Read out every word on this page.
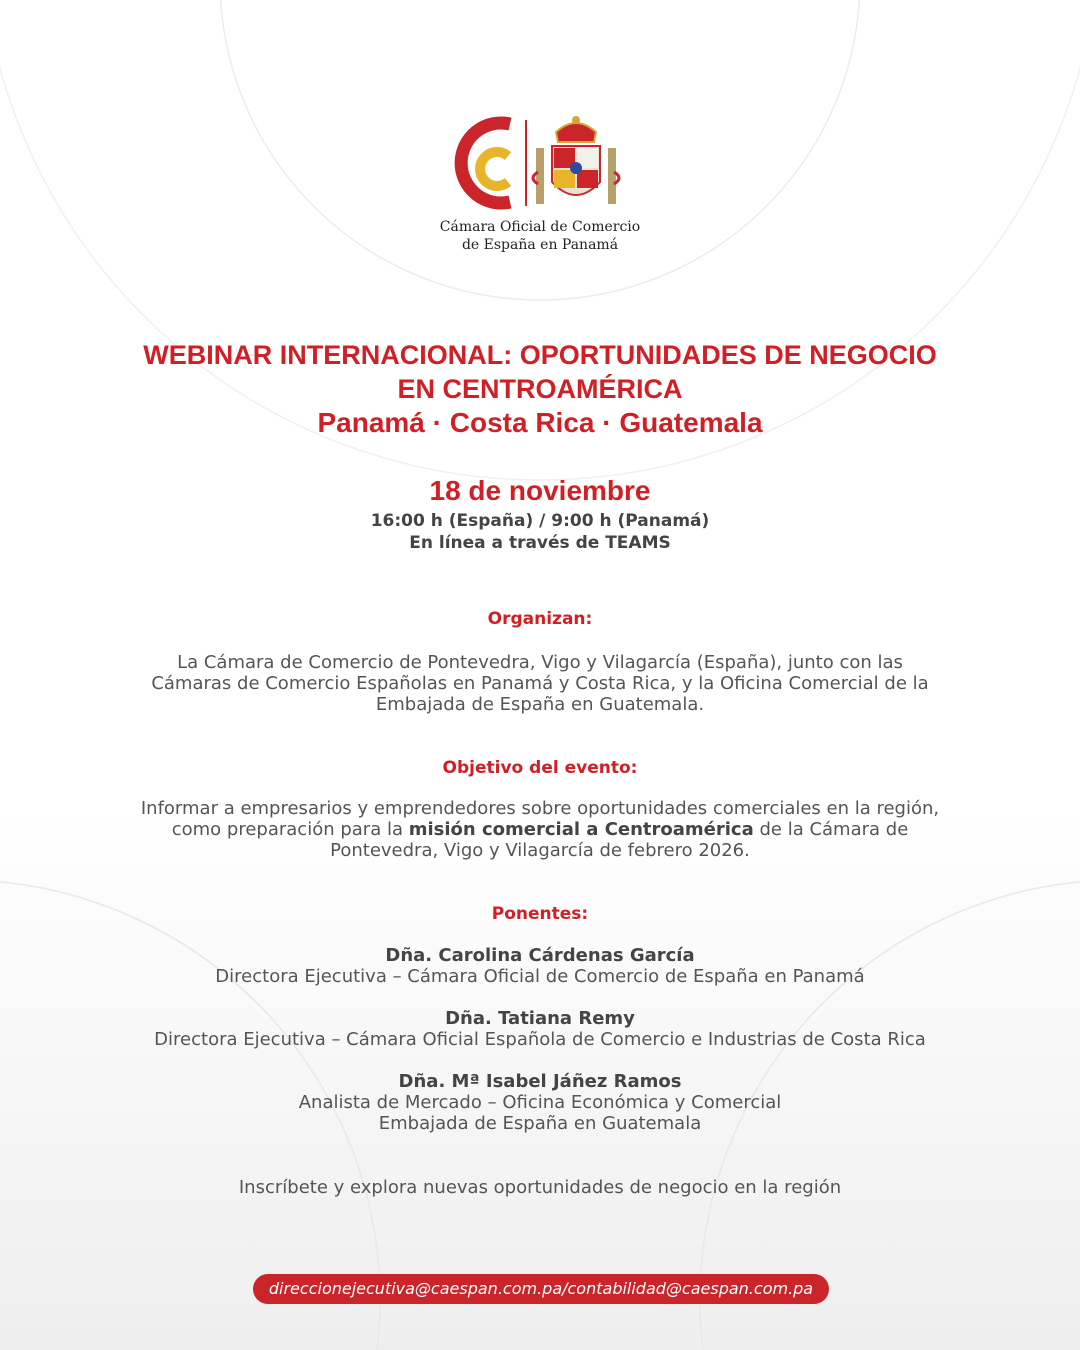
Cámara Oficial de Comercio
de España en Panamá
WEBINAR INTERNACIONAL: OPORTUNIDADES DE NEGOCIO
EN CENTROAMÉRICA
Panamá · Costa Rica · Guatemala
18 de noviembre
16:00 h (España) / 9:00 h (Panamá)
En línea a través de TEAMS
Organizan:
La Cámara de Comercio de Pontevedra, Vigo y Vilagarcía (España), junto con las
Cámaras de Comercio Españolas en Panamá y Costa Rica, y la Oficina Comercial de la
Embajada de España en Guatemala.
Objetivo del evento:
Informar a empresarios y emprendedores sobre oportunidades comerciales en la región,
como preparación para la misión comercial a Centroamérica de la Cámara de
Pontevedra, Vigo y Vilagarcía de febrero 2026.
Ponentes:
Dña. Carolina Cárdenas García
Directora Ejecutiva – Cámara Oficial de Comercio de España en Panamá
Dña. Tatiana Remy
Directora Ejecutiva – Cámara Oficial Española de Comercio e Industrias de Costa Rica
Dña. Mª Isabel Jáñez Ramos
Analista de Mercado – Oficina Económica y Comercial
Embajada de España en Guatemala
Inscríbete y explora nuevas oportunidades de negocio en la región
direccionejecutiva@caespan.com.pa/contabilidad@caespan.com.pa
